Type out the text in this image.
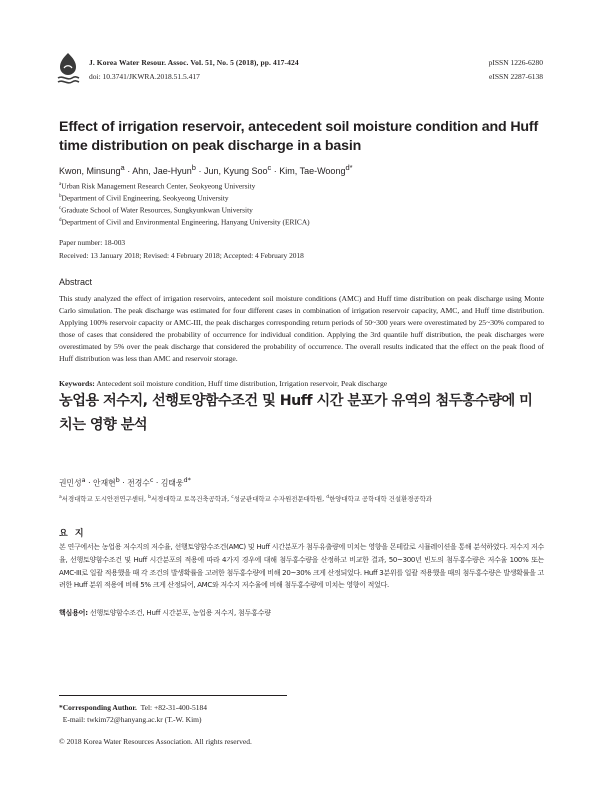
J. Korea Water Resour. Assoc. Vol. 51, No. 5 (2018), pp. 417-424
doi: 10.3741/JKWRA.2018.51.5.417
pISSN 1226-6280
eISSN 2287-6138
Effect of irrigation reservoir, antecedent soil moisture condition and Huff time distribution on peak discharge in a basin
Kwon, Minsung$^a$ · Ahn, Jae-Hyun$^b$ · Jun, Kyung Soo$^c$ · Kim, Tae-Woong$^{d*}$
$^a$Urban Risk Management Research Center, Seokyeong University
$^b$Department of Civil Engineering, Seokyeong University
$^c$Graduate School of Water Resources, Sungkyunkwan University
$^d$Department of Civil and Environmental Engineering, Hanyang University (ERICA)
Paper number: 18-003
Received: 13 January 2018; Revised: 4 February 2018; Accepted: 4 February 2018
Abstract
This study analyzed the effect of irrigation reservoirs, antecedent soil moisture conditions (AMC) and Huff time distribution on peak discharge using Monte Carlo simulation. The peak discharge was estimated for four different cases in combination of irrigation reservoir capacity, AMC, and Huff time distribution. Applying 100% reservoir capacity or AMC-III, the peak discharges corresponding return periods of 50~300 years were overestimated by 25~30% compared to those of cases that considered the probability of occurrence for individual condition. Applying the 3rd quantile huff distribution, the peak discharges were overestimated by 5% over the peak discharge that considered the probability of occurrence. The overall results indicated that the effect on the peak flood of Huff distribution was less than AMC and reservoir storage.
Keywords: Antecedent soil moisture condition, Huff time distribution, Irrigation reservoir, Peak discharge
농업용 저수지, 선행토양함수조건 및 Huff 시간 분포가 유역의 첨두홍수량에 미치는 영향 분석
권민성$^a$ · 안재현$^b$ · 전경수$^c$ · 김태웅$^{d*}$
$^a$서경대학교 도시안전연구센터, $^b$서경대학교 토목건축공학과, $^c$성균관대학교 수자원전문대학원, $^d$한양대학교 공학대학 건설환경공학과
요 지
본 연구에서는 농업용 저수지의 저수율, 선행토양함수조건(AMC) 및 Huff 시간분포가 첨두유출량에 미치는 영향을 몬테칼로 시뮬레이션을 통해 분석하였다. 저수지 저수율, 선행토양함수조건 및 Huff 시간분포의 적용에 따라 4가지 경우에 대해 첨두홍수량을 산정하고 비교한 결과, 50~300년 빈도의 첨두홍수량은 저수율 100% 또는 AMC-III로 일괄 적용했을 때 각 조건의 발생확률을 고려한 첨두홍수량에 비해 20~30% 크게 산정되었다. Huff 3분위를 일괄 적용했을 때의 첨두홍수량은 발생확률을 고려한 Huff 분위 적용에 비해 5% 크게 산정되어, AMC와 저수지 저수율에 비해 첨두홍수량에 미치는 영향이 적었다.
핵심용어: 선행토양함수조건, Huff 시간분포, 농업용 저수지, 첨두홍수량
*Corresponding Author. Tel: +82-31-400-5184
E-mail: twkim72@hanyang.ac.kr (T.-W. Kim)
© 2018 Korea Water Resources Association. All rights reserved.
